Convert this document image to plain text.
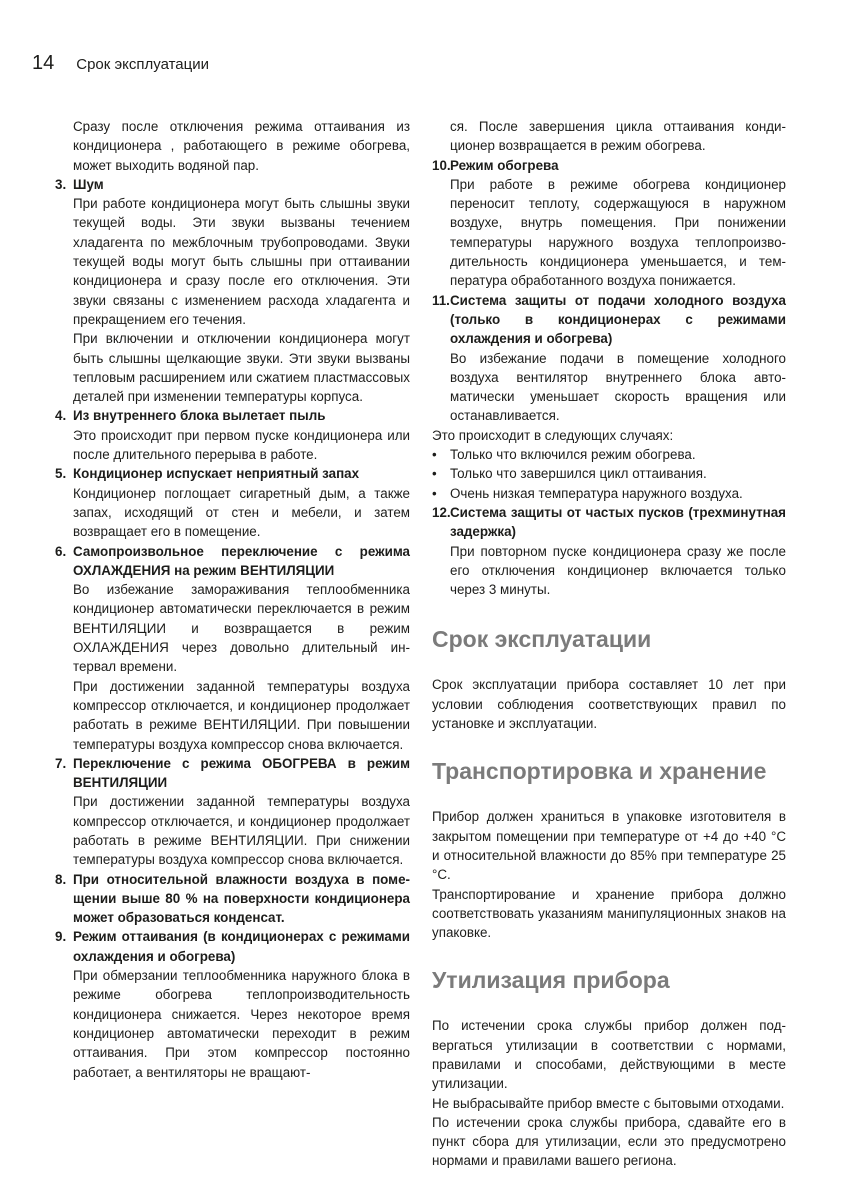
14 Срок эксплуатации

Сразу после отключения режима оттаивания из кондиционера , работающего в режиме обогрева, может выходить водяной пар.

3. Шум

При работе кондиционера могут быть слышны звуки текущей воды. Эти звуки вызваны течением хладагента по межблочным трубопроводами. Звуки текущей воды могут быть слышны при оттаивании кондиционера и сразу после его отключения. Эти звуки связаны с изменением расхода хладагента и прекращением его течения.

При включении и отключении кондиционера могут быть слышны щелкающие звуки. Эти звуки вызваны тепловым расширением или сжатием пластмассовых деталей при изменении температуры корпуса.

4. Из внутреннего блока вылетает пыль

Это происходит при первом пуске кондиционера или после длительного перерыва в работе.

5. Кондиционер испускает неприятный запах

Кондиционер поглощает сигаретный дым, а также запах, исходящий от стен и мебели, и затем возвращает его в помещение.

6. Самопроизвольное переключение с режима ОХЛАЖДЕНИЯ на режим ВЕНТИЛЯЦИИ

Во избежание замораживания теплообменника кондиционер автоматически переключается в режим ВЕНТИЛЯЦИИ и возвращается в режим ОХЛАЖДЕНИЯ через довольно длительный интервал времени.

При достижении заданной температуры воздуха компрессор отключается, и кондиционер продолжает работать в режиме ВЕНТИЛЯЦИИ. При повышении температуры воздуха компрессор снова включается.

7. Переключение с режима ОБОГРЕВА в режим ВЕНТИЛЯЦИИ

При достижении заданной температуры воздуха компрессор отключается, и кондиционер продолжает работать в режиме ВЕНТИЛЯЦИИ. При снижении температуры воздуха компрессор снова включается.

8. При относительной влажности воздуха в помещении выше 80 % на поверхности кондиционера может образоваться конденсат.

9. Режим оттаивания (в кондиционерах с режимами охлаждения и обогрева)

При обмерзании теплообменника наружного блока в режиме обогрева теплопроизводительность кондиционера снижается. Через некоторое время кондиционер автоматически переходит в режим оттаивания. При этом компрессор постоянно работает, а вентиляторы не вращают-

ся. После завершения цикла оттаивания кондиционер возвращается в режим обогрева.

10. Режим обогрева

При работе в режиме обогрева кондиционер переносит теплоту, содержащуюся в наружном воздухе, внутрь помещения. При понижении температуры наружного воздуха теплопроизводительность кондиционера уменьшается, и температура обработанного воздуха понижается.

11. Система защиты от подачи холодного воздуха (только в кондиционерах с режимами охлаждения и обогрева)

Во избежание подачи в помещение холодного воздуха вентилятор внутреннего блока автоматически уменьшает скорость вращения или останавливается.

Это происходит в следующих случаях:

• Только что включился режим обогрева.

• Только что завершился цикл оттаивания.

• Очень низкая температура наружного воздуха.

12. Система защиты от частых пусков (трехминутная задержка)

При повторном пуске кондиционера сразу же после его отключения кондиционер включается только через 3 минуты.

Срок эксплуатации

Срок эксплуатации прибора составляет 10 лет при условии соблюдения соответствующих правил по установке и эксплуатации.

Транспортировка и хранение

Прибор должен храниться в упаковке изготовителя в закрытом помещении при температуре от +4 до +40 °С и относительной влажности до 85% при температуре 25 °С.

Транспортирование и хранение прибора должно соответствовать указаниям манипуляционных знаков на упаковке.

Утилизация прибора

По истечении срока службы прибор должен подвергаться утилизации в соответствии с нормами, правилами и способами, действующими в месте утилизации.

Не выбрасывайте прибор вместе с бытовыми отходами.

По истечении срока службы прибора, сдавайте его в пункт сбора для утилизации, если это предусмотрено нормами и правилами вашего региона.
